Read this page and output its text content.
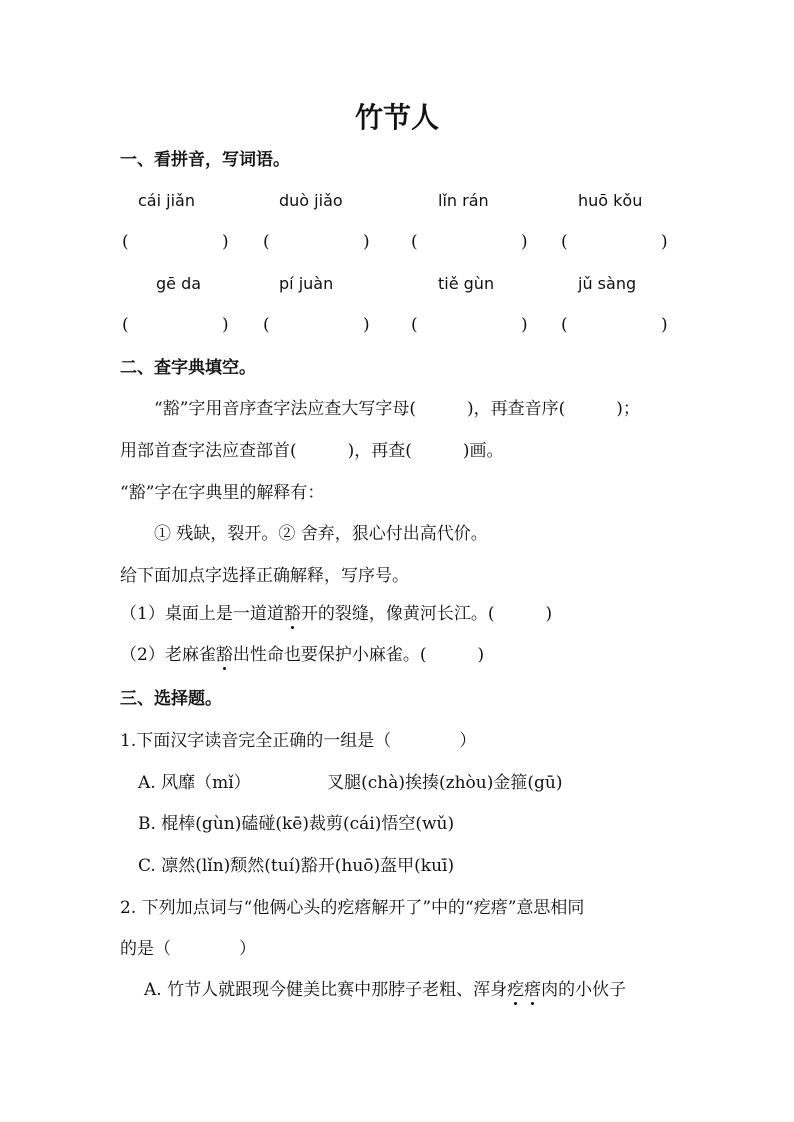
竹节人
一、看拼音，写词语。
cái jiǎn	duò jiǎo	lǐn rán	huō kǒu
(	) (	) (	) (	)
gē da	pí juàn	tiě gùn	jǔ sàng
(	) (	) (	) (	)
二、查字典填空。
“豁”字用音序查字法应查大写字母(　　　)，再查音序(　　　)；
用部首查字法应查部首(　　　)，再查(　　　)画。
“豁”字在字典里的解释有：
① 残缺，裂开。② 舍弃，狠心付出高代价。
给下面加点字选择正确解释，写序号。
（1）桌面上是一道道豁开的裂缝，像黄河长江。(　　　)
（2）老麻雀豁出性命也要保护小麻雀。(　　　)
三、选择题。
1.下面汉字读音完全正确的一组是（　　　　）
A. 风靡（mǐ）　　　　　叉腿(chà)挨揍(zhòu)金箍(gū)
B. 棍棒(gùn)磕碰(kē)裁剪(cái)悟空(wǔ)
C. 凛然(lǐn)颓然(tuí)豁开(huō)盔甲(kuī)
2. 下列加点词与“他俩心头的疙瘩解开了”中的“疙瘩”意思相同
的是（　　　　）
A. 竹节人就跟现今健美比赛中那脖子老粗、浑身疙瘩肉的小伙子
